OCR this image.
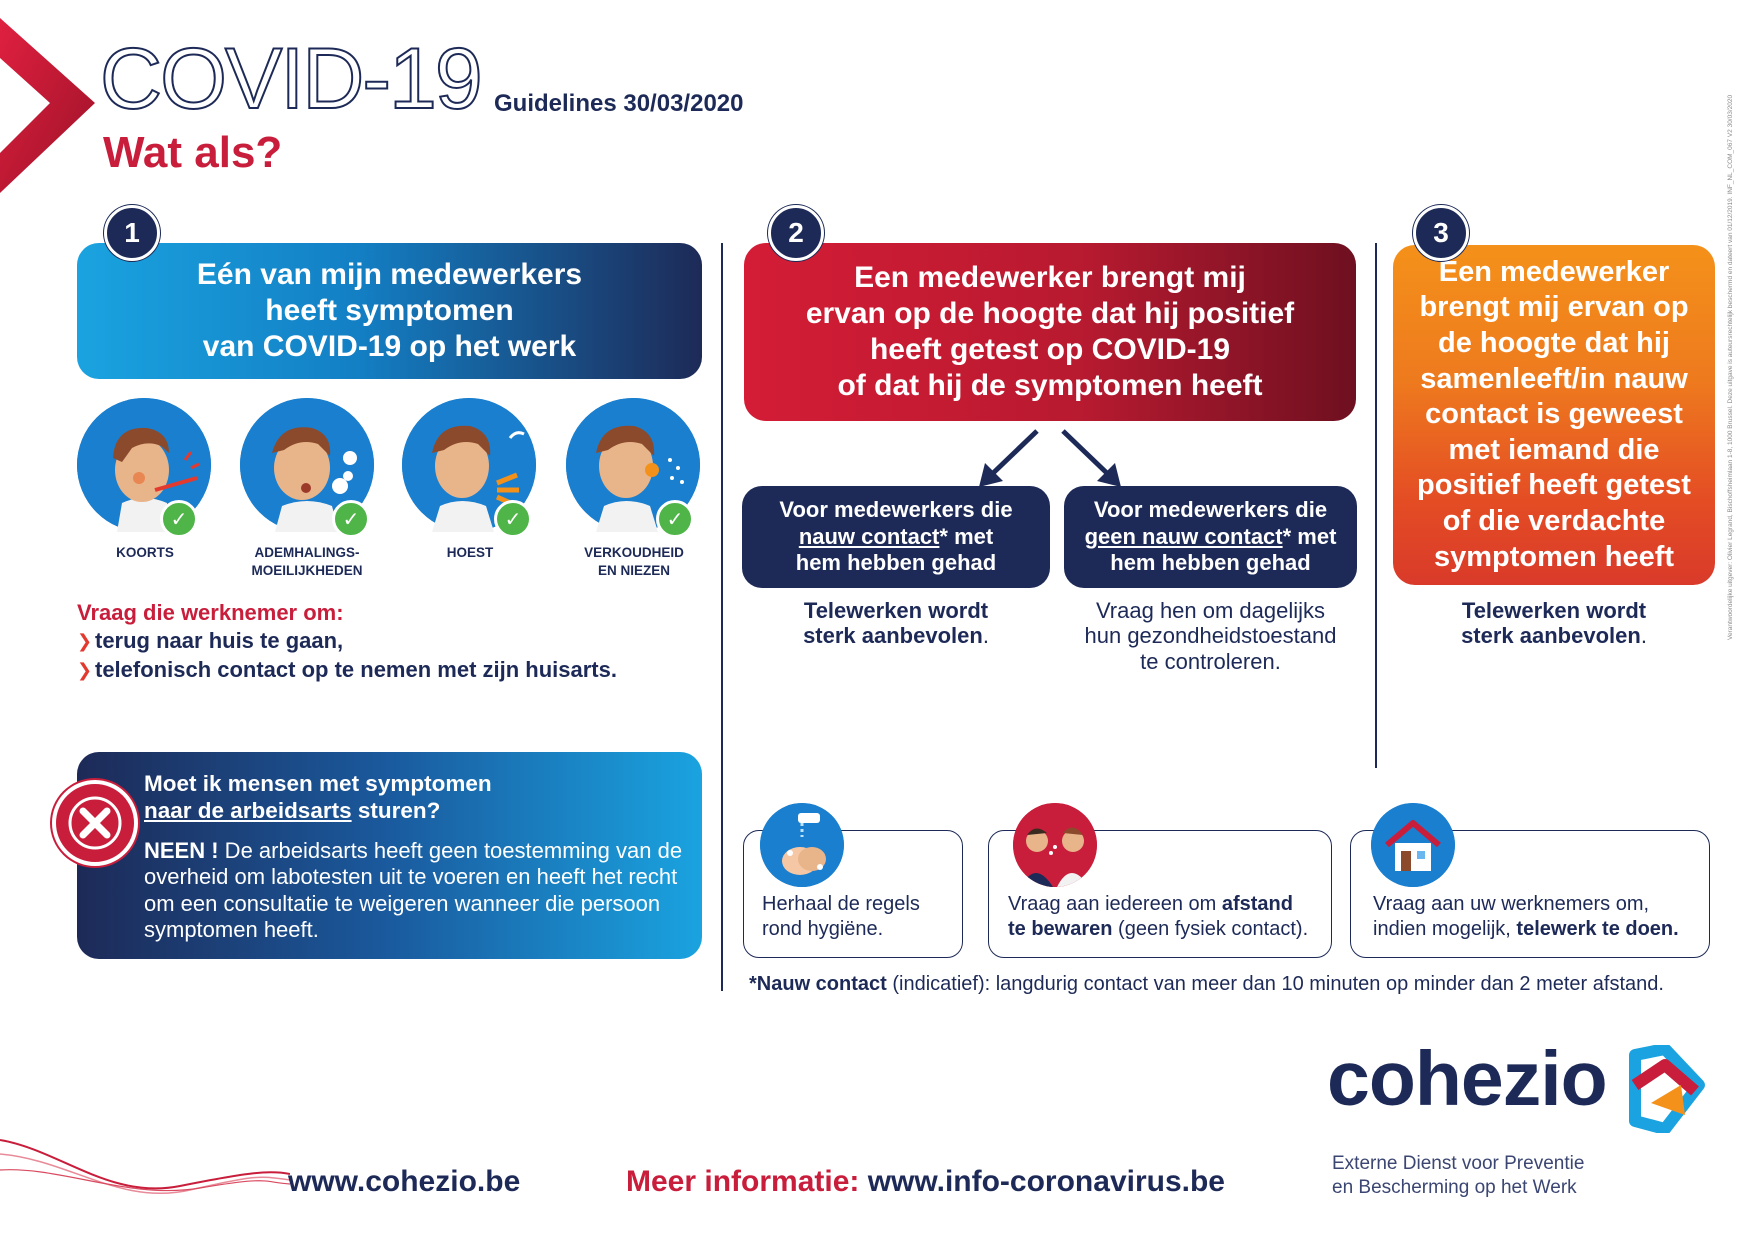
COVID-19 Guidelines 30/03/2020
Wat als?	Verantwoordelijke uitgever: Olivier Legrand, Bischoffsheimlaan 1-8, 1000 Brussel. Deze uitgave is auteursrechtelijk beschermd en dateert van 01/12/2019. INF_NL_COM_067 V2 30/03/2020
1
Eén van mijn medewerkers
heeft symptomen
van COVID-19 op het werk
✓	✓	✓	✓
KOORTS	ADEMHALINGS-
MOEILIJKHEDEN
HOEST	VERKOUDHEID
EN NIEZEN
Vraag die werknemer om:
❯ terug naar huis te gaan,
❯ telefonisch contact op te nemen met zijn huisarts.
Moet ik mensen met symptomen
naar de arbeidsarts sturen?
NEEN ! De arbeidsarts heeft geen toestemming van de overheid om labotesten uit te voeren en heeft het recht om een consultatie te weigeren wanneer die persoon symptomen heeft.
2
Een medewerker brengt mij
ervan op de hoogte dat hij positief
heeft getest op COVID-19
of dat hij de symptomen heeft
Voor medewerkers die
nauw contact* met
hem hebben gehad
Voor medewerkers die
geen nauw contact* met
hem hebben gehad
Telewerken wordt
sterk aanbevolen.
Vraag hen om dagelijks
hun gezondheidstoestand
te controleren.
3
Een medewerker
brengt mij ervan op
de hoogte dat hij
samenleeft/in nauw
contact is geweest
met iemand die
positief heeft getest
of die verdachte
symptomen heeft
Telewerken wordt
sterk aanbevolen.
Herhaal de regels
rond hygiëne.
Vraag aan iedereen om afstand
te bewaren (geen fysiek contact).
Vraag aan uw werknemers om,
indien mogelijk, telewerk te doen.
*Nauw contact (indicatief): langdurig contact van meer dan 10 minuten op minder dan 2 meter afstand.
cohezio
Externe Dienst voor Preventie
en Bescherming op het Werk
www.cohezio.be	Meer informatie: www.info-coronavirus.be
